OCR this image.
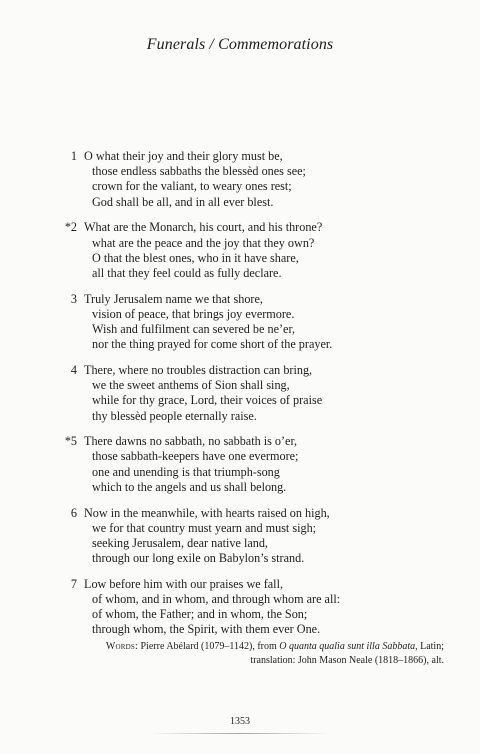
Funerals / Commemorations
1 O what their joy and their glory must be,
those endless sabbaths the blessèd ones see;
crown for the valiant, to weary ones rest;
God shall be all, and in all ever blest.
*2 What are the Monarch, his court, and his throne?
what are the peace and the joy that they own?
O that the blest ones, who in it have share,
all that they feel could as fully declare.
3 Truly Jerusalem name we that shore,
vision of peace, that brings joy evermore.
Wish and fulfilment can severed be ne’er,
nor the thing prayed for come short of the prayer.
4 There, where no troubles distraction can bring,
we the sweet anthems of Sion shall sing,
while for thy grace, Lord, their voices of praise
thy blessèd people eternally raise.
*5 There dawns no sabbath, no sabbath is o’er,
those sabbath-keepers have one evermore;
one and unending is that triumph-song
which to the angels and us shall belong.
6 Now in the meanwhile, with hearts raised on high,
we for that country must yearn and must sigh;
seeking Jerusalem, dear native land,
through our long exile on Babylon’s strand.
7 Low before him with our praises we fall,
of whom, and in whom, and through whom are all:
of whom, the Father; and in whom, the Son;
through whom, the Spirit, with them ever One.
Words: Pierre Abélard (1079–1142), from O quanta qualia sunt illa Sabbata, Latin;
translation: John Mason Neale (1818–1866), alt.
1353
